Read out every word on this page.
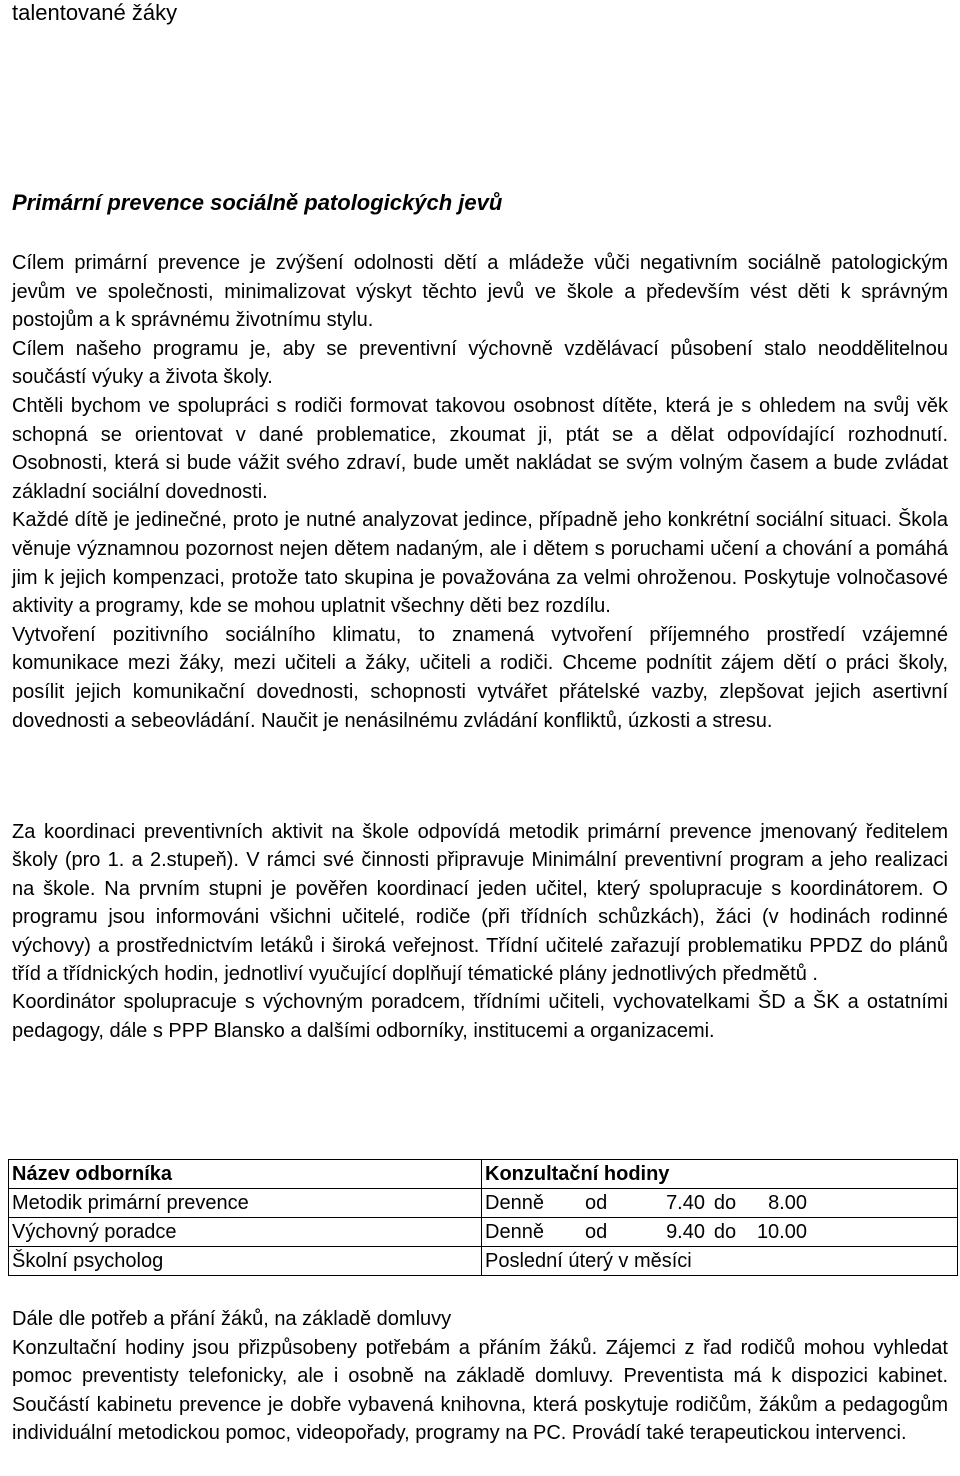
talentované žáky
Primární prevence sociálně patologických jevů

Cílem primární prevence je zvýšení odolnosti dětí a mládeže vůči negativním sociálně patologickým jevům ve společnosti, minimalizovat výskyt těchto jevů ve škole a především vést děti k správným postojům a k správnému životnímu stylu.

Cílem našeho programu je, aby se preventivní výchovně vzdělávací působení stalo neoddělitelnou součástí výuky a života školy.

Chtěli bychom ve spolupráci s rodiči formovat takovou osobnost dítěte, která je s ohledem na svůj věk schopná se orientovat v dané problematice, zkoumat ji, ptát se a dělat odpovídající rozhodnutí. Osobnosti, která si bude vážit svého zdraví, bude umět nakládat se svým volným časem a bude zvládat základní sociální dovednosti.

Každé dítě je jedinečné, proto je nutné analyzovat jedince, případně jeho konkrétní sociální situaci. Škola věnuje významnou pozornost nejen dětem nadaným, ale i dětem s poruchami učení a chování a pomáhá jim k jejich kompenzaci, protože tato skupina je považována za velmi ohroženou. Poskytuje volnočasové aktivity a programy, kde se mohou uplatnit všechny děti bez rozdílu.

Vytvoření pozitivního sociálního klimatu, to znamená vytvoření příjemného prostředí vzájemné komunikace mezi žáky, mezi učiteli a žáky, učiteli a rodiči. Chceme podnítit zájem dětí o práci školy, posílit jejich komunikační dovednosti, schopnosti vytvářet přátelské vazby, zlepšovat jejich asertivní dovednosti a sebeovládání. Naučit je nenásilnému zvládání konfliktů, úzkosti a stresu.

Za koordinaci preventivních aktivit na škole odpovídá metodik primární prevence jmenovaný ředitelem školy (pro 1. a 2.stupeň). V rámci své činnosti připravuje Minimální preventivní program a jeho realizaci na škole. Na prvním stupni je pověřen koordinací jeden učitel, který spolupracuje s koordinátorem. O programu jsou informováni všichni učitelé, rodiče (při třídních schůzkách), žáci (v hodinách rodinné výchovy) a prostřednictvím letáků i široká veřejnost. Třídní učitelé zařazují problematiku PPDZ do plánů tříd a třídnických hodin, jednotliví vyučující doplňují tématické plány jednotlivých předmětů .

Koordinátor spolupracuje s výchovným poradcem, třídními učiteli, vychovatelkami ŠD a ŠK a ostatními pedagogy, dále s PPP Blansko a dalšími odborníky, institucemi a organizacemi.

Název odborníka	Konzultační hodiny
Metodik primární prevence	Denně od 7.40 do 8.00
Výchovný poradce	Denně od 9.40 do 10.00
Školní psycholog	Poslední úterý v měsíci

Dále dle potřeb a přání žáků, na základě domluvy

Konzultační hodiny jsou přizpůsobeny potřebám a přáním žáků. Zájemci z řad rodičů mohou vyhledat pomoc preventisty telefonicky, ale i osobně na základě domluvy. Preventista má k dispozici kabinet. Součástí kabinetu prevence je dobře vybavená knihovna, která poskytuje rodičům, žákům a pedagogům individuální metodickou pomoc, videopořady, programy na PC. Provádí také terapeutickou intervenci.
